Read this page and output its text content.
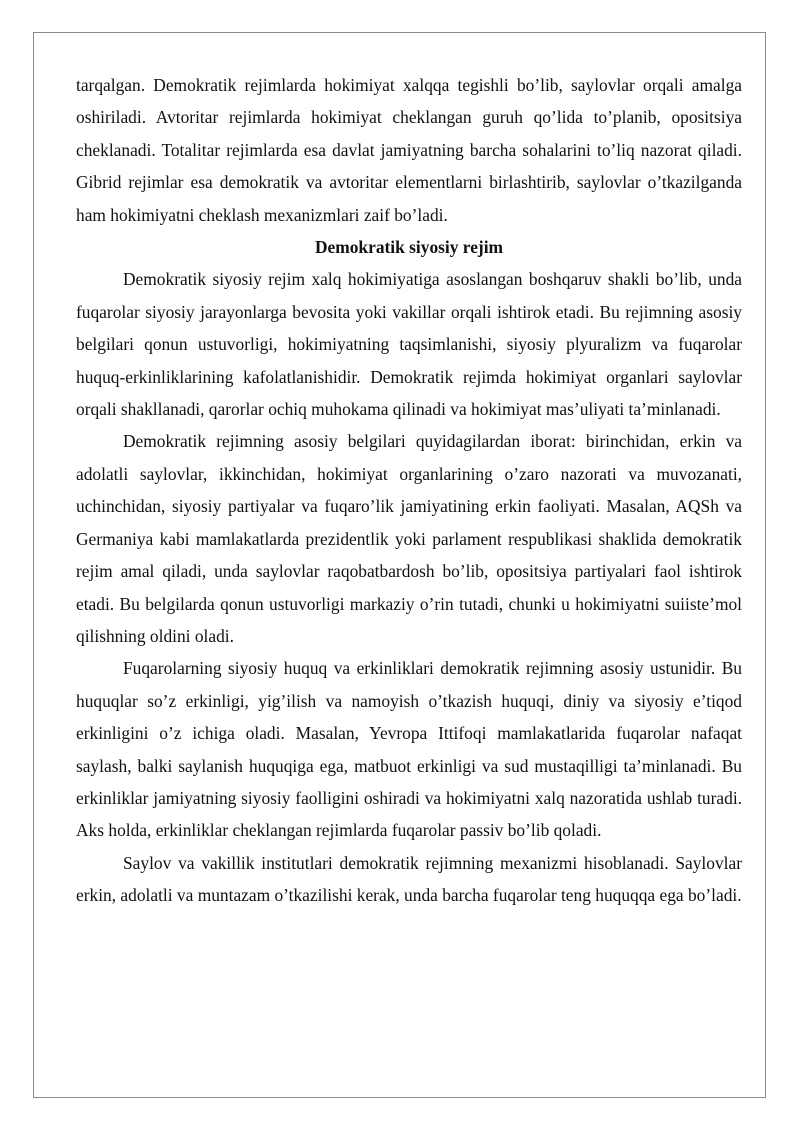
tarqalgan. Demokratik rejimlarda hokimiyat xalqqa tegishli bo’lib, saylovlar orqali amalga oshiriladi. Avtoritar rejimlarda hokimiyat cheklangan guruh qo’lida to’planib, opositsiya cheklanadi. Totalitar rejimlarda esa davlat jamiyatning barcha sohalarini to’liq nazorat qiladi. Gibrid rejimlar esa demokratik va avtoritar elementlarni birlashtirib, saylovlar o’tkazilganda ham hokimiyatni cheklash mexanizmlari zaif bo’ladi.

Demokratik siyosiy rejim

Demokratik siyosiy rejim xalq hokimiyatiga asoslangan boshqaruv shakli bo’lib, unda fuqarolar siyosiy jarayonlarga bevosita yoki vakillar orqali ishtirok etadi. Bu rejimning asosiy belgilari qonun ustuvorligi, hokimiyatning taqsimlanishi, siyosiy plyuralizm va fuqarolar huquq-erkinliklarining kafolatlanishidir. Demokratik rejimda hokimiyat organlari saylovlar orqali shakllanadi, qarorlar ochiq muhokama qilinadi va hokimiyat mas’uliyati ta’minlanadi.

Demokratik rejimning asosiy belgilari quyidagilardan iborat: birinchidan, erkin va adolatli saylovlar, ikkinchidan, hokimiyat organlarining o’zaro nazorati va muvozanati, uchinchidan, siyosiy partiyalar va fuqaro’lik jamiyatining erkin faoliyati. Masalan, AQSh va Germaniya kabi mamlakatlarda prezidentlik yoki parlament respublikasi shaklida demokratik rejim amal qiladi, unda saylovlar raqobatbardosh bo’lib, opositsiya partiyalari faol ishtirok etadi. Bu belgilarda qonun ustuvorligi markaziy o’rin tutadi, chunki u hokimiyatni suiiste’mol qilishning oldini oladi.

Fuqarolarning siyosiy huquq va erkinliklari demokratik rejimning asosiy ustunidir. Bu huquqlar so’z erkinligi, yig’ilish va namoyish o’tkazish huquqi, diniy va siyosiy e’tiqod erkinligini o’z ichiga oladi. Masalan, Yevropa Ittifoqi mamlakatlarida fuqarolar nafaqat saylash, balki saylanish huquqiga ega, matbuot erkinligi va sud mustaqilligi ta’minlanadi. Bu erkinliklar jamiyatning siyosiy faolligini oshiradi va hokimiyatni xalq nazoratida ushlab turadi. Aks holda, erkinliklar cheklangan rejimlarda fuqarolar passiv bo’lib qoladi.

Saylov va vakillik institutlari demokratik rejimning mexanizmi hisoblanadi. Saylovlar erkin, adolatli va muntazam o’tkazilishi kerak, unda barcha fuqarolar teng huquqqa ega bo’ladi.
